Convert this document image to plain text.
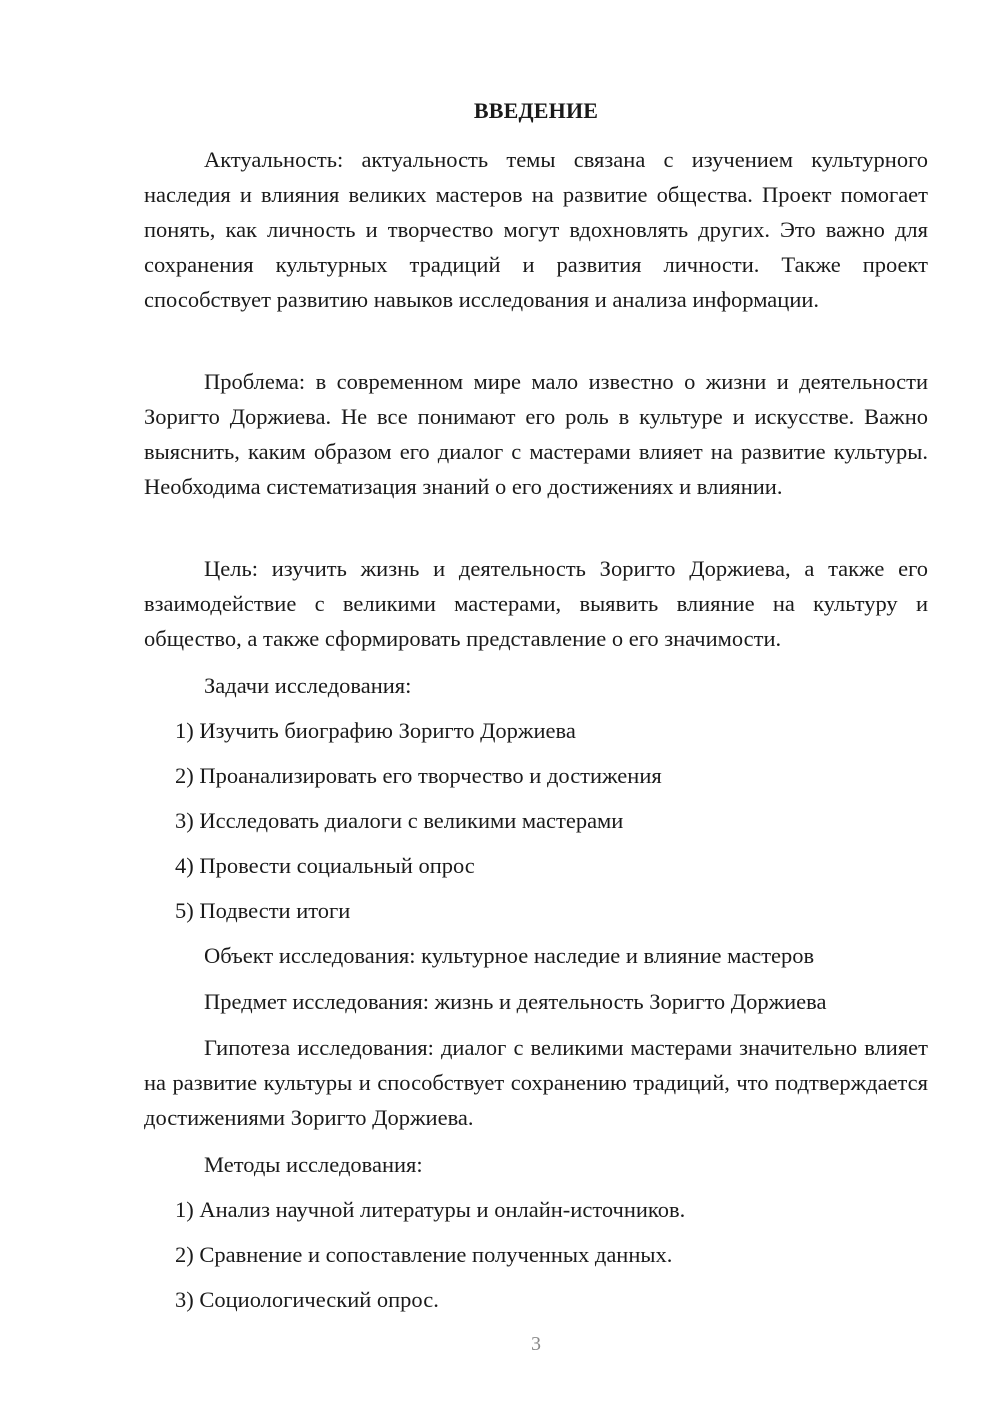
ВВЕДЕНИЕ

Актуальность: актуальность темы связана с изучением культурного наследия и влияния великих мастеров на развитие общества. Проект помогает понять, как личность и творчество могут вдохновлять других. Это важно для сохранения культурных традиций и развития личности. Также проект способствует развитию навыков исследования и анализа информации.

Проблема: в современном мире мало известно о жизни и деятельности Зоригто Доржиева. Не все понимают его роль в культуре и искусстве. Важно выяснить, каким образом его диалог с мастерами влияет на развитие культуры. Необходима систематизация знаний о его достижениях и влиянии.

Цель: изучить жизнь и деятельность Зоригто Доржиева, а также его взаимодействие с великими мастерами, выявить влияние на культуру и общество, а также сформировать представление о его значимости.

Задачи исследования:

1) Изучить биографию Зоригто Доржиева

2) Проанализировать его творчество и достижения

3) Исследовать диалоги с великими мастерами

4) Провести социальный опрос

5) Подвести итоги

Объект исследования: культурное наследие и влияние мастеров

Предмет исследования: жизнь и деятельность Зоригто Доржиева

Гипотеза исследования: диалог с великими мастерами значительно влияет на развитие культуры и способствует сохранению традиций, что подтверждается достижениями Зоригто Доржиева.

Методы исследования:

1) Анализ научной литературы и онлайн-источников.

2) Сравнение и сопоставление полученных данных.

3) Социологический опрос.

3
